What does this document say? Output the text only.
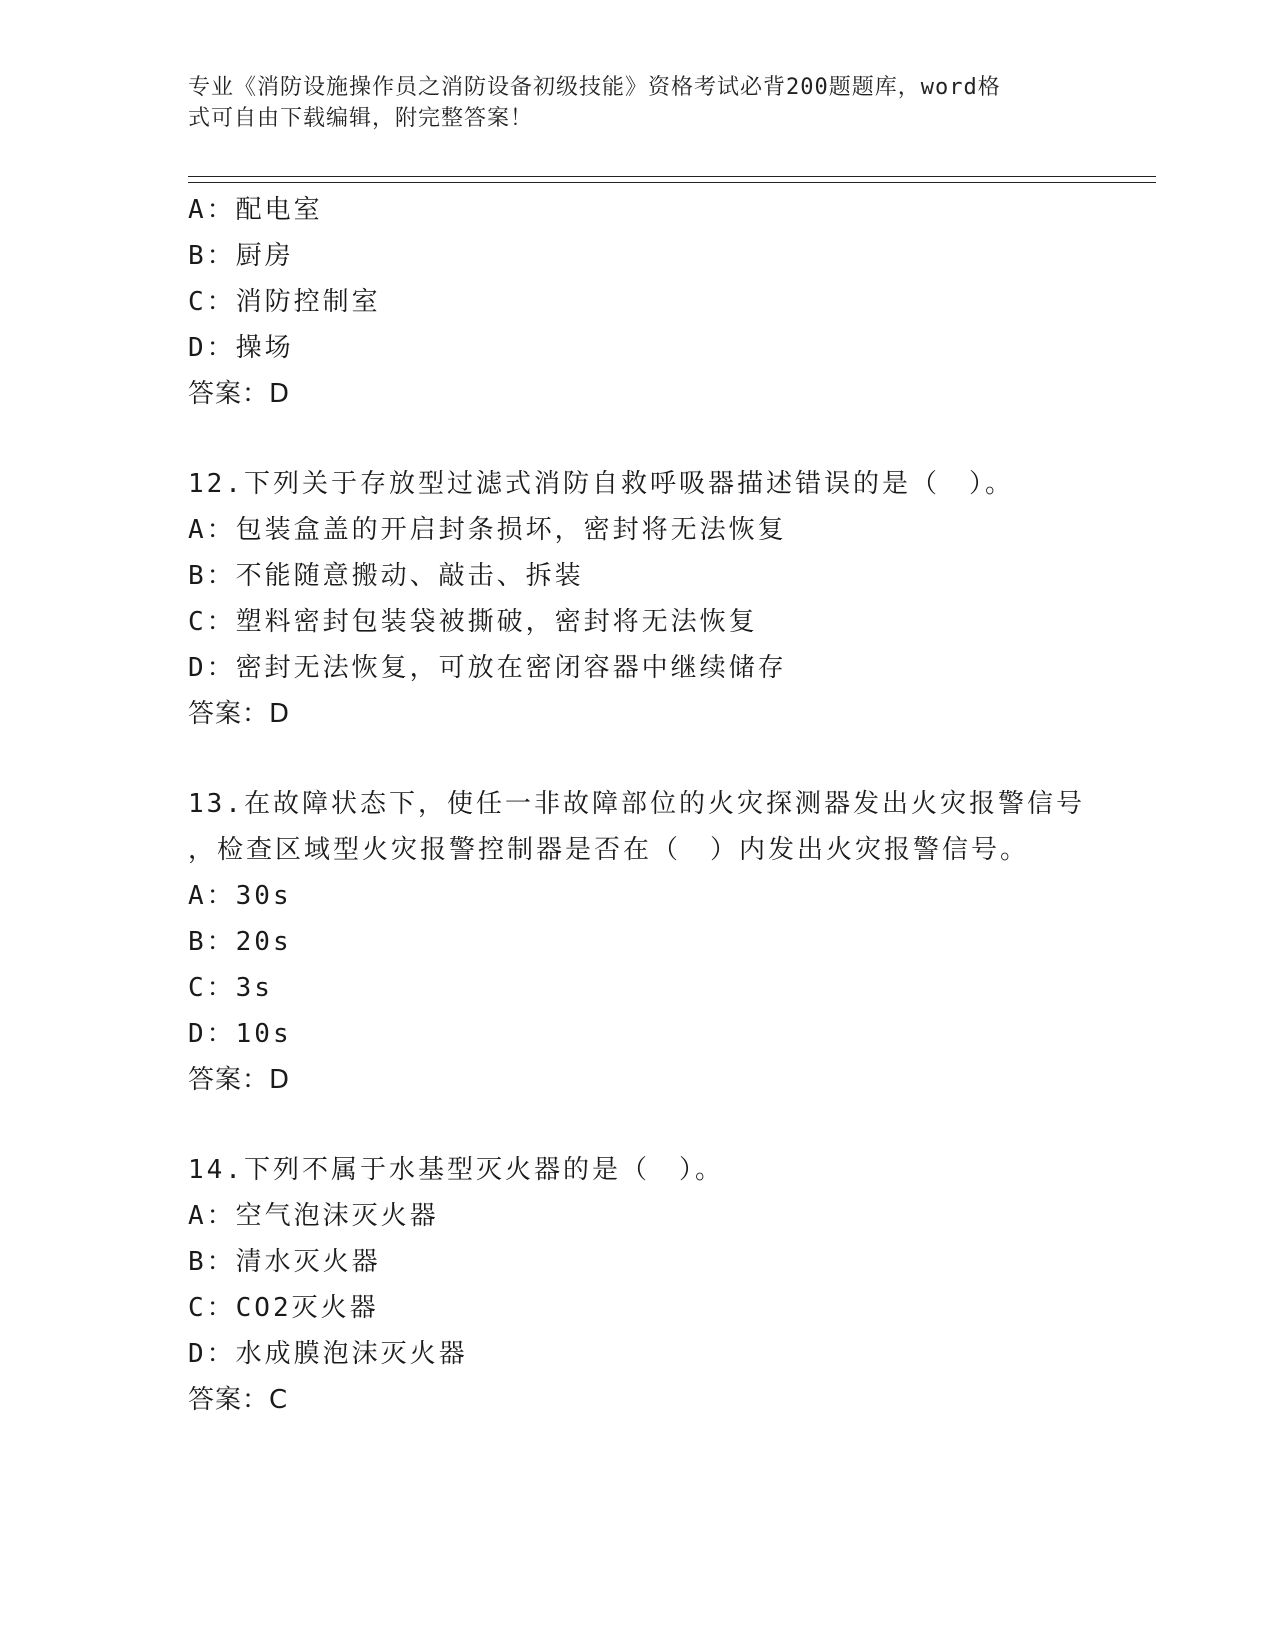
专业《消防设施操作员之消防设备初级技能》资格考试必背200题题库，word格
式可自由下载编辑，附完整答案！
A：配电室
B：厨房
C：消防控制室
D：操场
答案：D
12.下列关于存放型过滤式消防自救呼吸器描述错误的是（　）。
A：包装盒盖的开启封条损坏，密封将无法恢复
B：不能随意搬动、敲击、拆装
C：塑料密封包装袋被撕破，密封将无法恢复
D：密封无法恢复，可放在密闭容器中继续储存
答案：D
13.在故障状态下，使任一非故障部位的火灾探测器发出火灾报警信号
，检查区域型火灾报警控制器是否在（　）内发出火灾报警信号。
A：30s
B：20s
C：3s
D：10s
答案：D
14.下列不属于水基型灭火器的是（　）。
A：空气泡沫灭火器
B：清水灭火器
C：CO2灭火器
D：水成膜泡沫灭火器
答案：C
